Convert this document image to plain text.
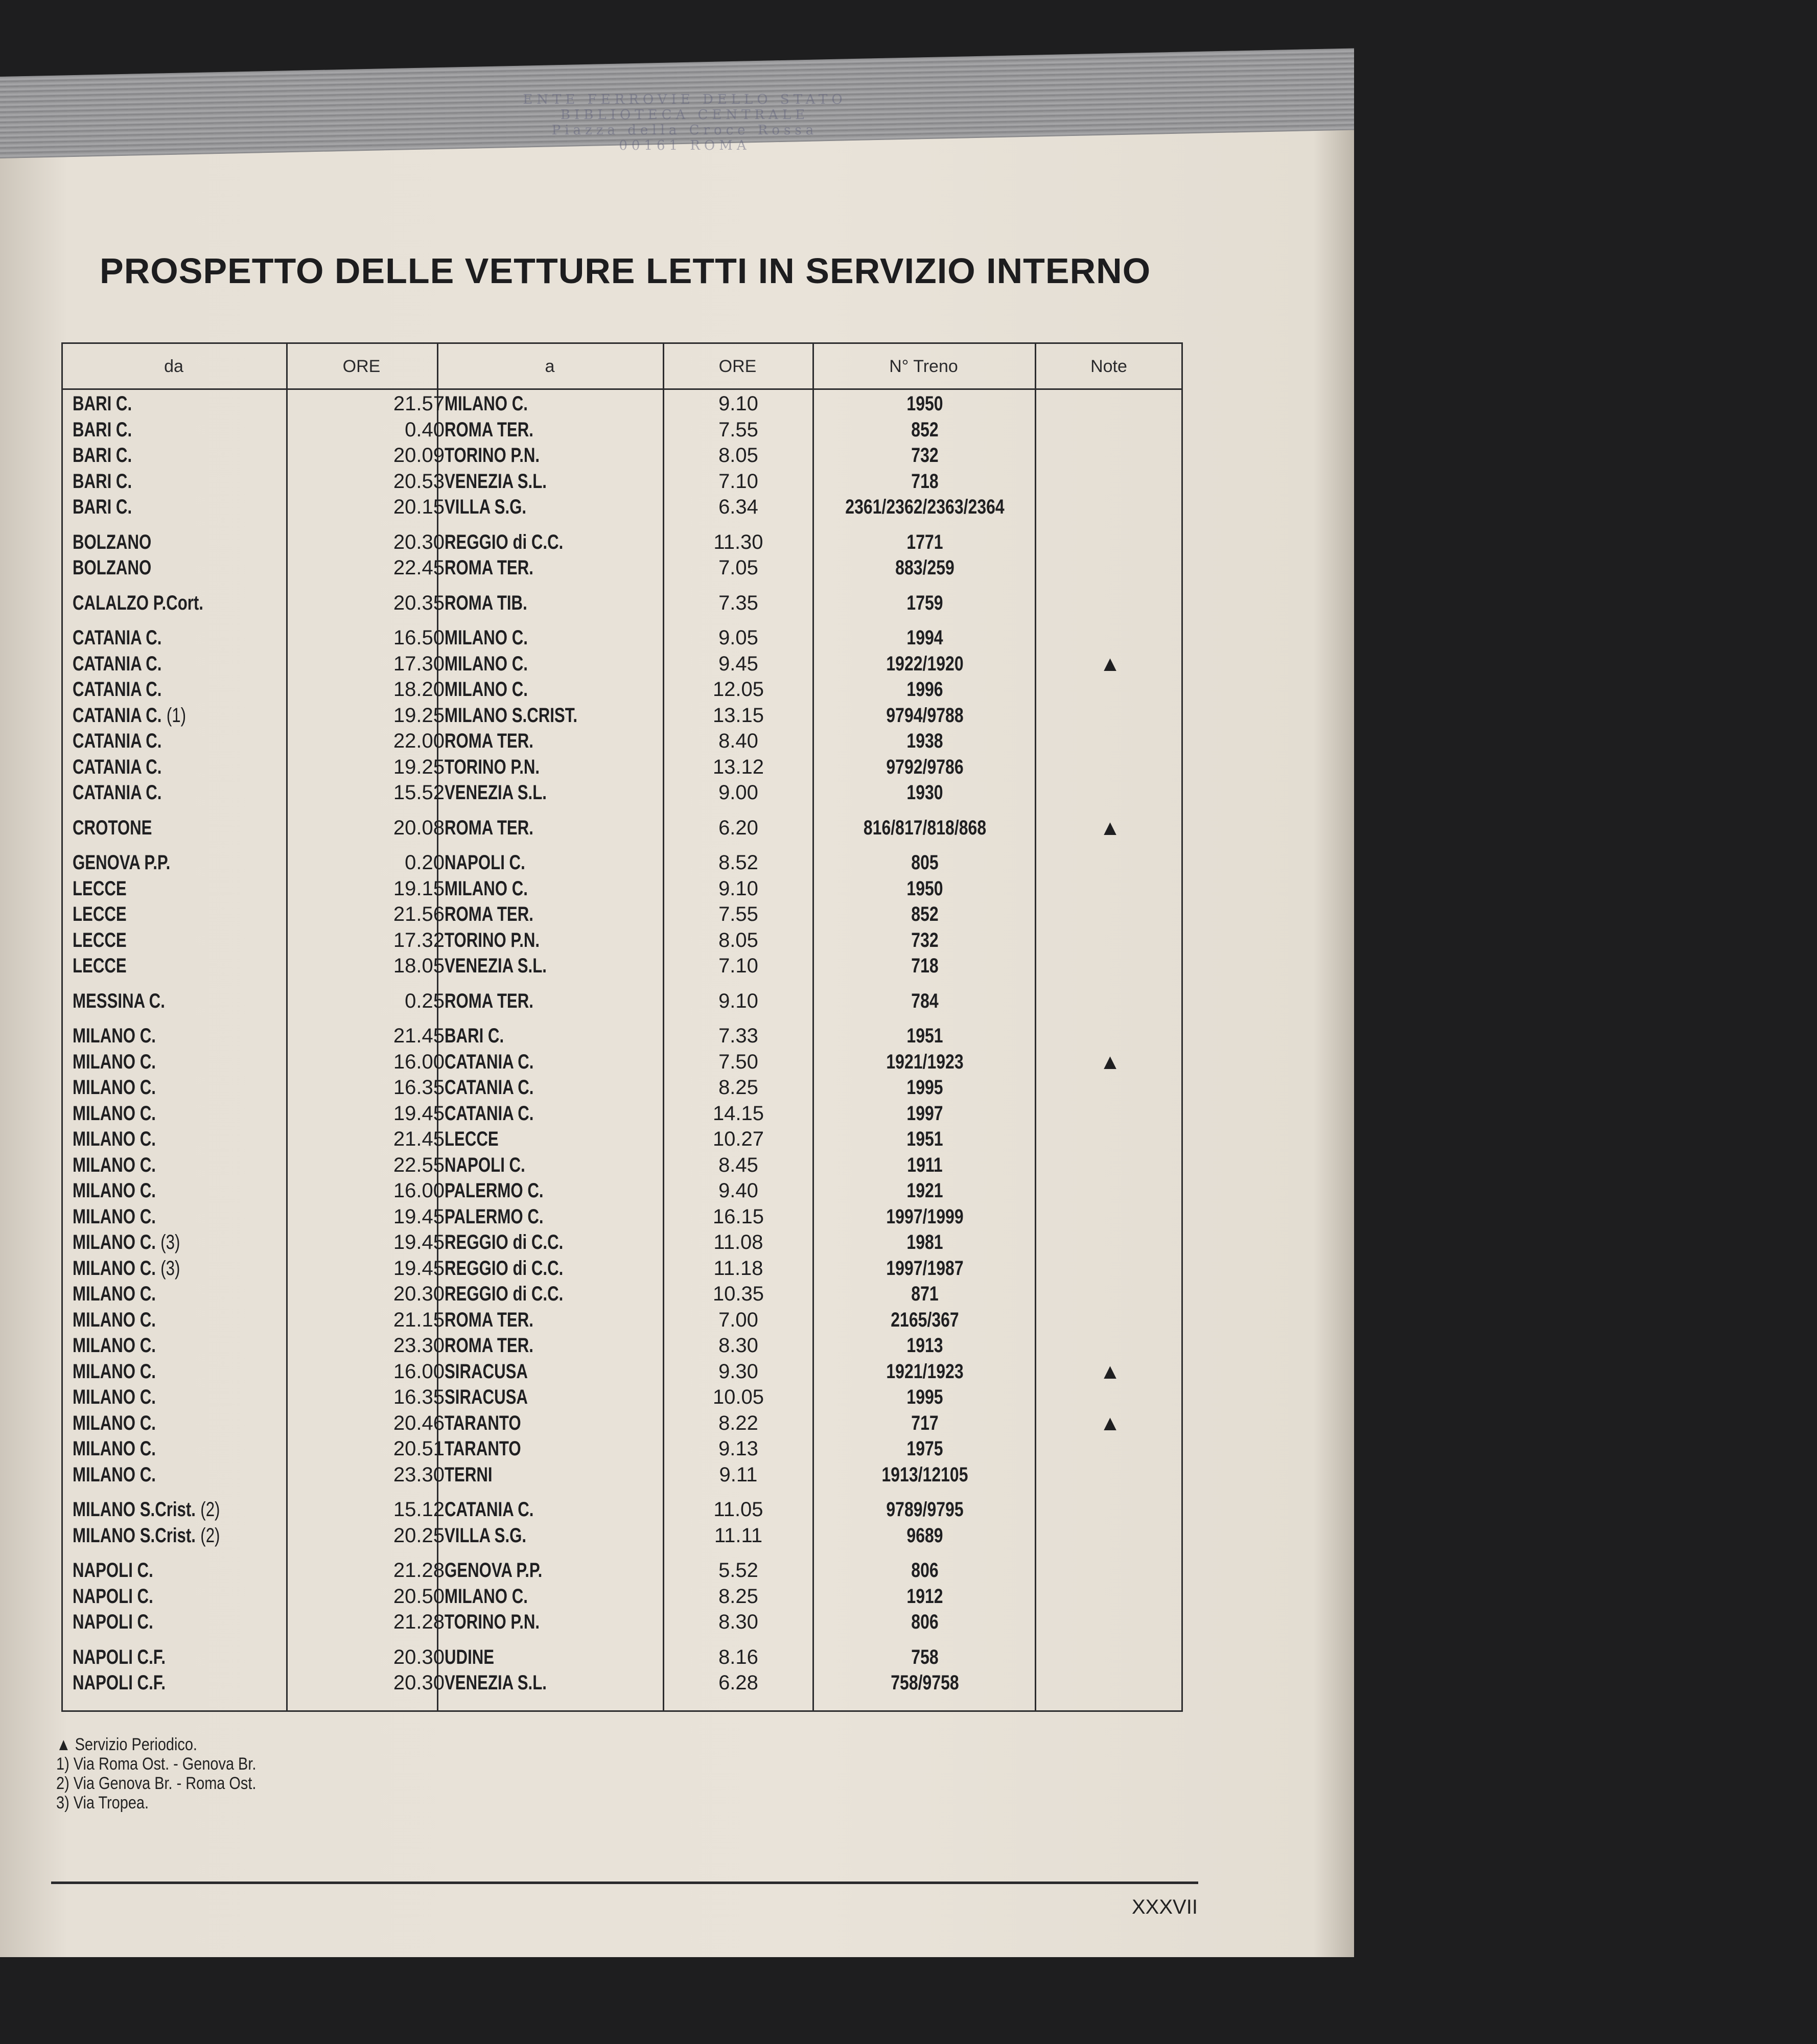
ENTE FERROVIE DELLO STATO
BIBLIOTECA CENTRALE
Piazza della Croce Rossa
00161 ROMA
PROSPETTO DELLE VETTURE LETTI IN SERVIZIO INTERNO
da	ORE	a	ORE	N° Treno	Note
BARI C.	21.57 MILANO C.	9.10	1950
BARI C.	0.40 ROMA TER.	7.55	852
BARI C.	20.09 TORINO P.N.	8.05	732
BARI C.	20.53 VENEZIA S.L.	7.10	718
BARI C.	20.15 VILLA S.G.	6.34	2361/2362/2363/2364
BOLZANO	20.30 REGGIO di C.C.	11.30	1771
BOLZANO	22.45 ROMA TER.	7.05	883/259
CALALZO P.Cort.	20.35 ROMA TIB.	7.35	1759
CATANIA C.	16.50 MILANO C.	9.05	1994
CATANIA C.	17.30 MILANO C.	9.45	1922/1920	▲
CATANIA C.	18.20 MILANO C.	12.05	1996
CATANIA C. (1)	19.25 MILANO S.CRIST.	13.15	9794/9788
CATANIA C.	22.00 ROMA TER.	8.40	1938
CATANIA C.	19.25 TORINO P.N.	13.12	9792/9786
CATANIA C.	15.52 VENEZIA S.L.	9.00	1930
CROTONE	20.08 ROMA TER.	6.20	816/817/818/868	▲
GENOVA P.P.	0.20 NAPOLI C.	8.52	805
LECCE	19.15 MILANO C.	9.10	1950
LECCE	21.56 ROMA TER.	7.55	852
LECCE	17.32 TORINO P.N.	8.05	732
LECCE	18.05 VENEZIA S.L.	7.10	718
MESSINA C.	0.25 ROMA TER.	9.10	784
MILANO C.	21.45 BARI C.	7.33	1951
MILANO C.	16.00 CATANIA C.	7.50	1921/1923	▲
MILANO C.	16.35 CATANIA C.	8.25	1995
MILANO C.	19.45 CATANIA C.	14.15	1997
MILANO C.	21.45 LECCE	10.27	1951
MILANO C.	22.55 NAPOLI C.	8.45	1911
MILANO C.	16.00 PALERMO C.	9.40	1921
MILANO C.	19.45 PALERMO C.	16.15	1997/1999
MILANO C. (3)	19.45 REGGIO di C.C.	11.08	1981
MILANO C. (3)	19.45 REGGIO di C.C.	11.18	1997/1987
MILANO C.	20.30 REGGIO di C.C.	10.35	871
MILANO C.	21.15 ROMA TER.	7.00	2165/367
MILANO C.	23.30 ROMA TER.	8.30	1913
MILANO C.	16.00 SIRACUSA	9.30	1921/1923	▲
MILANO C.	16.35 SIRACUSA	10.05	1995
MILANO C.	20.46 TARANTO	8.22	717	▲
MILANO C.	20.51 TARANTO	9.13	1975
MILANO C.	23.30 TERNI	9.11	1913/12105
MILANO S.Crist. (2)	15.12 CATANIA C.	11.05	9789/9795
MILANO S.Crist. (2)	20.25 VILLA S.G.	11.11	9689
NAPOLI C.	21.28 GENOVA P.P.	5.52	806
NAPOLI C.	20.50 MILANO C.	8.25	1912
NAPOLI C.	21.28 TORINO P.N.	8.30	806
NAPOLI C.F.	20.30 UDINE	8.16	758
NAPOLI C.F.	20.30 VENEZIA S.L.	6.28	758/9758
▲ Servizio Periodico.
1) Via Roma Ost. - Genova Br.
2) Via Genova Br. - Roma Ost.
3) Via Tropea.
XXXVII
